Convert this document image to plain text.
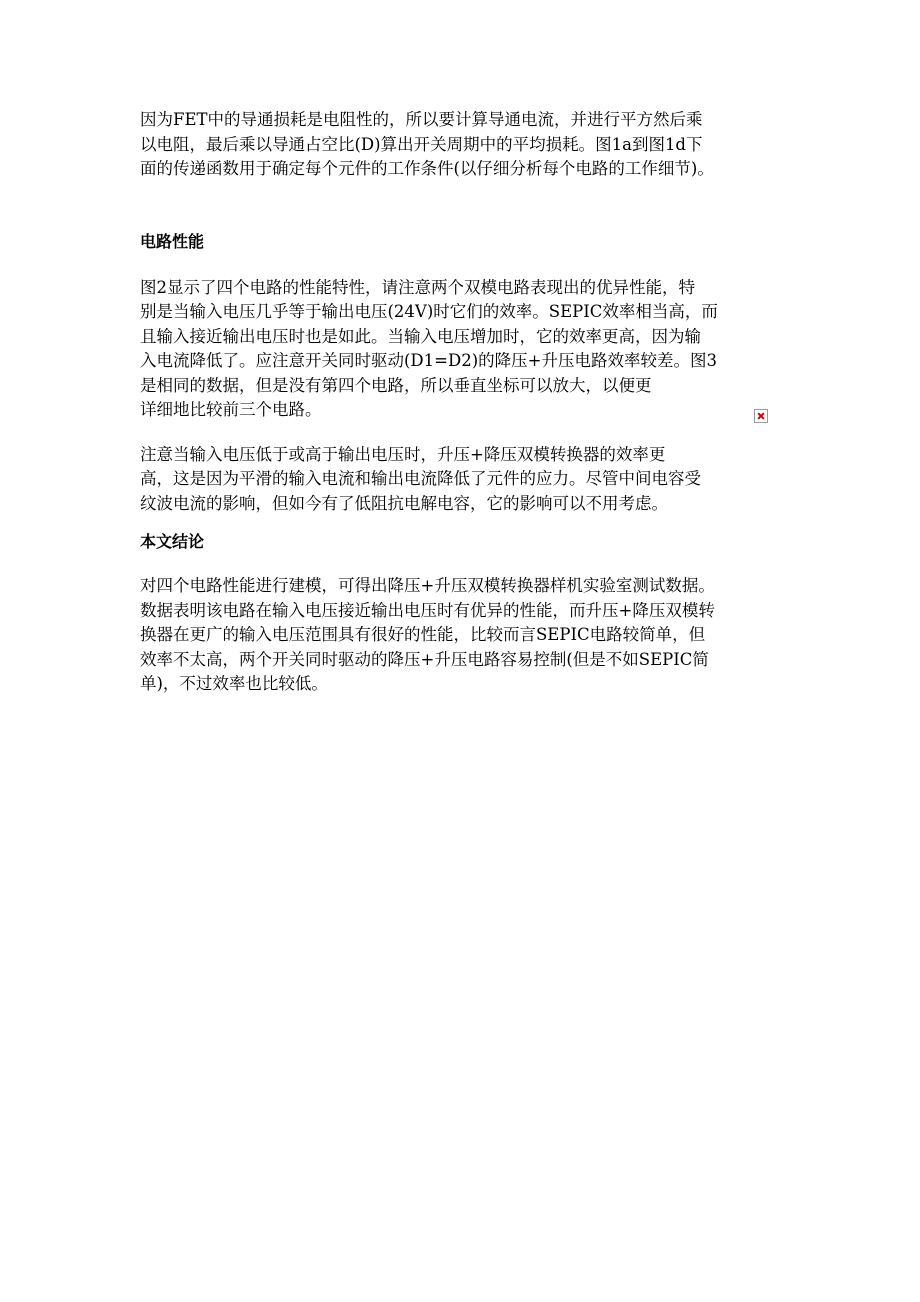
因为FET中的导通损耗是电阻性的，所以要计算导通电流，并进行平方然后乘
以电阻，最后乘以导通占空比(D)算出开关周期中的平均损耗。图1a到图1d下
面的传递函数用于确定每个元件的工作条件(以仔细分析每个电路的工作细节)。

电路性能

图2显示了四个电路的性能特性，请注意两个双模电路表现出的优异性能，特
别是当输入电压几乎等于输出电压(24V)时它们的效率。SEPIC效率相当高，而
且输入接近输出电压时也是如此。当输入电压增加时，它的效率更高，因为输
入电流降低了。应注意开关同时驱动(D1=D2)的降压+升压电路效率较差。图3
是相同的数据，但是没有第四个电路，所以垂直坐标可以放大，以便更
详细地比较前三个电路。

注意当输入电压低于或高于输出电压时，升压+降压双模转换器的效率更
高，这是因为平滑的输入电流和输出电流降低了元件的应力。尽管中间电容受
纹波电流的影响，但如今有了低阻抗电解电容，它的影响可以不用考虑。

本文结论

对四个电路性能进行建模，可得出降压+升压双模转换器样机实验室测试数据。
数据表明该电路在输入电压接近输出电压时有优异的性能，而升压+降压双模转
换器在更广的输入电压范围具有很好的性能，比较而言SEPIC电路较简单，但
效率不太高，两个开关同时驱动的降压+升压电路容易控制(但是不如SEPIC简
单)，不过效率也比较低。
